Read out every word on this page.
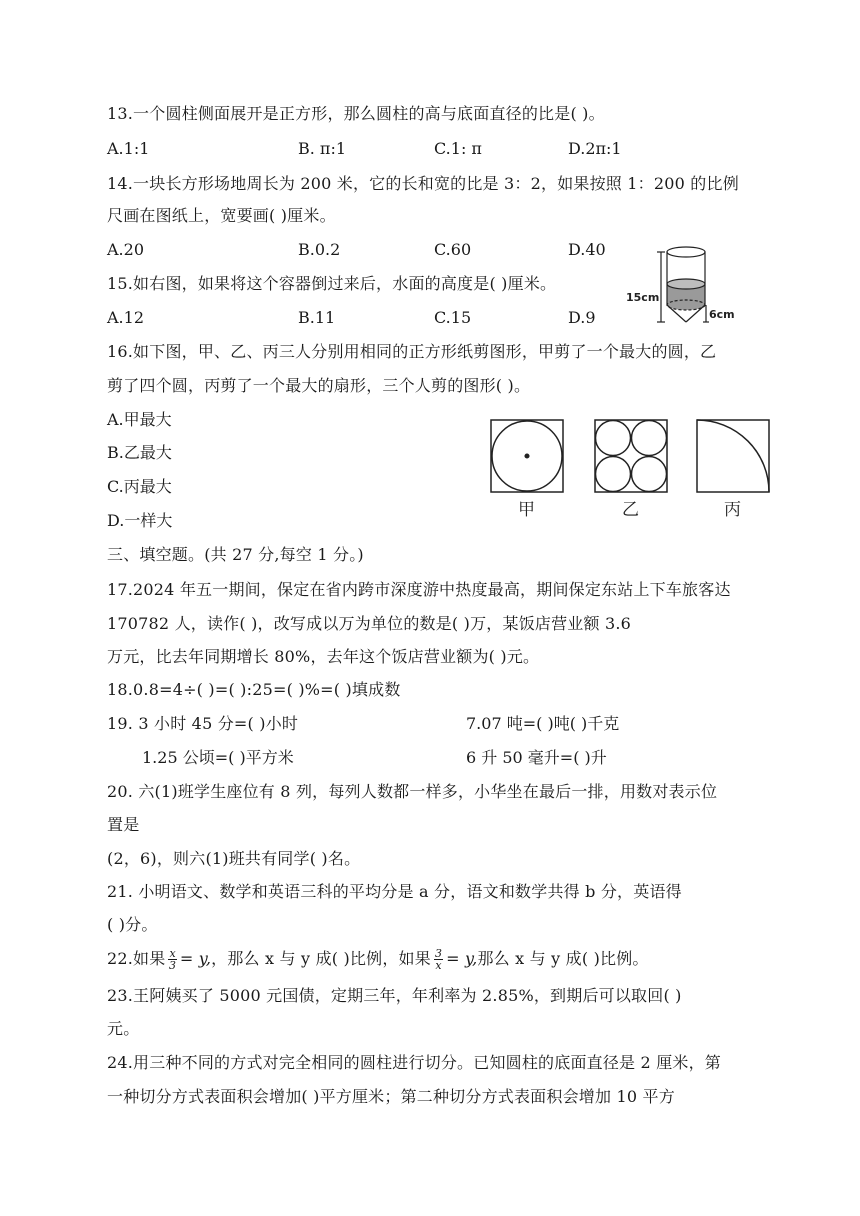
13.一个圆柱侧面展开是正方形，那么圆柱的高与底面直径的比是( )。
A.1:1	B. π:1	C.1: π	D.2π:1
14.一块长方形场地周长为 200 米，它的长和宽的比是 3：2，如果按照 1：200 的比例
尺画在图纸上，宽要画( )厘米。
A.20	B.0.2	C.60	D.40
15.如右图，如果将这个容器倒过来后，水面的高度是( )厘米。
A.12	B.11	C.15	D.9
15cm
6cm
16.如下图，甲、乙、丙三人分别用相同的正方形纸剪图形，甲剪了一个最大的圆，乙
剪了四个圆，丙剪了一个最大的扇形，三个人剪的图形( )。
A.甲最大
B.乙最大
C.丙最大
D.一样大
甲	乙	丙
三、填空题。(共 27 分,每空 1 分。)
17.2024 年五一期间，保定在省内跨市深度游中热度最高，期间保定东站上下车旅客达
170782 人，读作( )，改写成以万为单位的数是( )万，某饭店营业额 3.6
万元，比去年同期增长 80%，去年这个饭店营业额为( )元。
18.0.8=4÷( )=( ):25=( )%=( )填成数
19. 3 小时 45 分=( )小时	7.07 吨=( )吨( )千克
1.25 公顷=( )平方米	6 升 50 毫升=( )升
20. 六(1)班学生座位有 8 列，每列人数都一样多，小华坐在最后一排，用数对表示位
置是
(2，6)，则六(1)班共有同学( )名。
21. 小明语文、数学和英语三科的平均分是 a 分，语文和数学共得 b 分，英语得
( )分。
22.如果 $\frac{x}{3} = y$,，那么 x 与 y 成( )比例，如果 $\frac{3}{x} = y$,那么 x 与 y 成( )比例。
23.王阿姨买了 5000 元国债，定期三年，年利率为 2.85%，到期后可以取回( )
元。
24.用三种不同的方式对完全相同的圆柱进行切分。已知圆柱的底面直径是 2 厘米，第
一种切分方式表面积会增加( )平方厘米；第二种切分方式表面积会增加 10 平方
